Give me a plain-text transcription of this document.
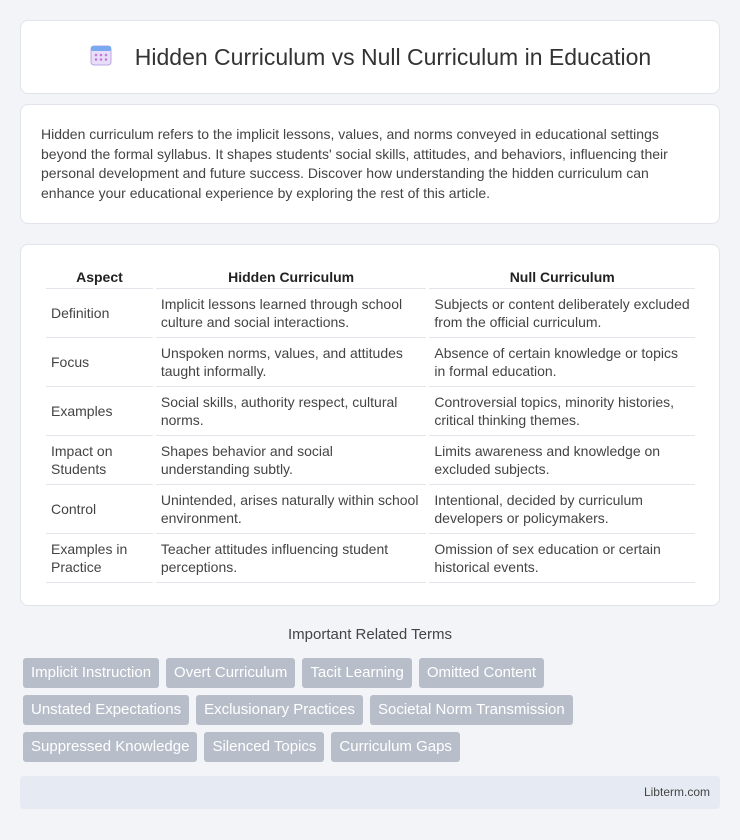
Hidden Curriculum vs Null Curriculum in Education

Hidden curriculum refers to the implicit lessons, values, and norms conveyed in educational settings beyond the formal syllabus. It shapes students' social skills, attitudes, and behaviors, influencing their personal development and future success. Discover how understanding the hidden curriculum can enhance your educational experience by exploring the rest of this article.

Aspect	Hidden Curriculum	Null Curriculum
Definition	Implicit lessons learned through school culture and social interactions.	Subjects or content deliberately excluded from the official curriculum.
Focus	Unspoken norms, values, and attitudes taught informally.	Absence of certain knowledge or topics in formal education.
Examples	Social skills, authority respect, cultural norms.	Controversial topics, minority histories, critical thinking themes.
Impact on Students	Shapes behavior and social understanding subtly.	Limits awareness and knowledge on excluded subjects.
Control	Unintended, arises naturally within school environment.	Intentional, decided by curriculum developers or policymakers.
Examples in Practice	Teacher attitudes influencing student perceptions.	Omission of sex education or certain historical events.
Important Related Terms
Implicit Instruction	Overt Curriculum	Tacit Learning	Omitted Content
Unstated Expectations	Exclusionary Practices	Societal Norm Transmission
Suppressed Knowledge	Silenced Topics	Curriculum Gaps
Libterm.com
